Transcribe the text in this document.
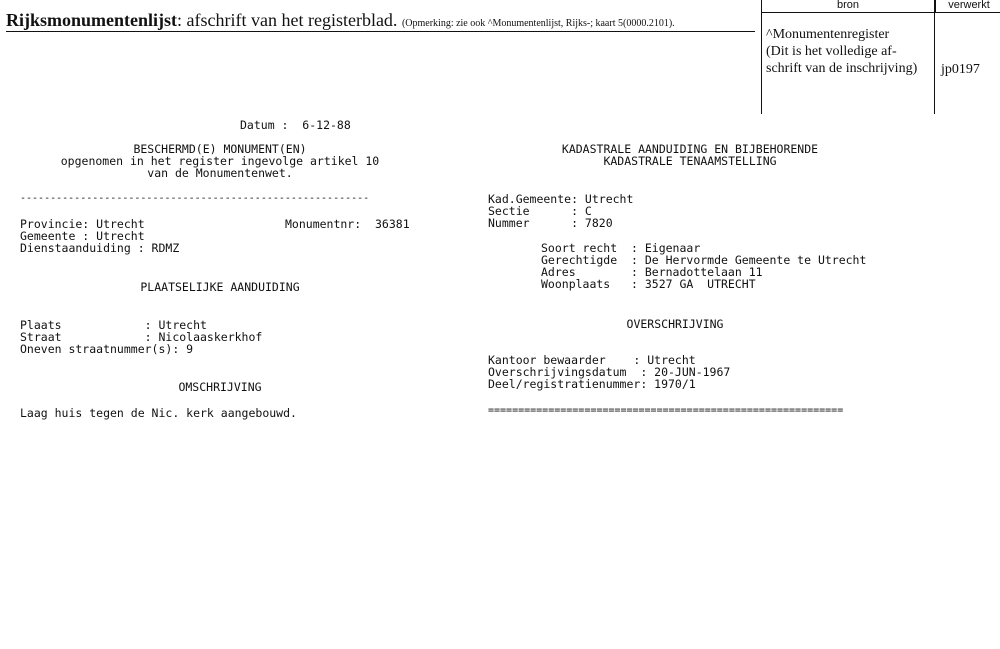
Rijksmonumentenlijst: afschrift van het registerblad. (Opmerking: zie ook ^Monumentenlijst, Rijks-; kaart 5(0000.2101).
bron	verwerkt
^Monumentenregister
(Dit is het volledige af-
schrift van de inschrijving) jp0197
Datum :  6-12-88
BESCHERMD(E) MONUMENT(EN)
opgenomen in het register ingevolge artikel 10
van de Monumentenwet.
----------------------------------------------------------
Provincie: Utrecht	Monumentnr:  36381
Gemeente : Utrecht
Dienstaanduiding : RDMZ
PLAATSELIJKE AANDUIDING
Plaats            : Utrecht
Straat            : Nicolaaskerkhof
Oneven straatnummer(s): 9
OMSCHRIJVING
Laag huis tegen de Nic. kerk aangebouwd.
KADASTRALE AANDUIDING EN BIJBEHORENDE
KADASTRALE TENAAMSTELLING
Kad.Gemeente: Utrecht
Sectie      : C
Nummer      : 7820
Soort recht  : Eigenaar
Gerechtigde  : De Hervormde Gemeente te Utrecht
Adres        : Bernadottelaan 11
Woonplaats   : 3527 GA  UTRECHT
OVERSCHRIJVING
Kantoor bewaarder    : Utrecht
Overschrijvingsdatum  : 20-JUN-1967
Deel/registratienummer: 1970/1
===========================================================
